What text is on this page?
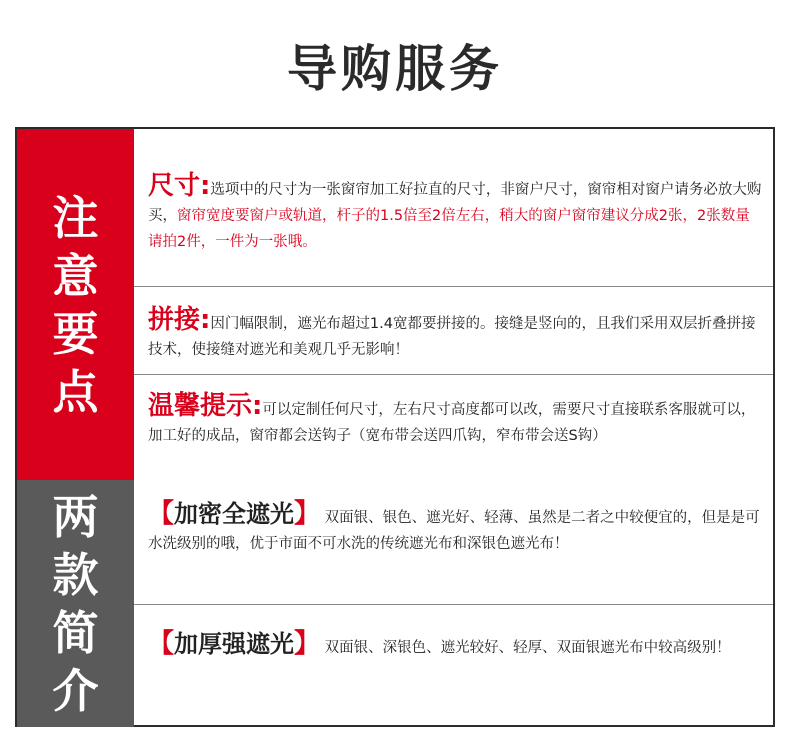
导购服务
注意要点
两款简介

尺寸:选项中的尺寸为一张窗帘加工好拉直的尺寸，非窗户尺寸，窗帘相对窗户请务必放大购买，窗帘宽度要窗户或轨道，杆子的1.5倍至2倍左右，稍大的窗户窗帘建议分成2张，2张数量请拍2件，一件为一张哦。

拼接:因门幅限制，遮光布超过1.4宽都要拼接的。接缝是竖向的，且我们采用双层折叠拼接技术，使接缝对遮光和美观几乎无影响！

温馨提示:可以定制任何尺寸，左右尺寸高度都可以改，需要尺寸直接联系客服就可以，加工好的成品，窗帘都会送钩子（宽布带会送四爪钩，窄布带会送S钩）

【加密全遮光】 双面银、银色、遮光好、轻薄、虽然是二者之中较便宜的，但是是可水洗级别的哦，优于市面不可水洗的传统遮光布和深银色遮光布！

【加厚强遮光】 双面银、深银色、遮光较好、轻厚、双面银遮光布中较高级别！
